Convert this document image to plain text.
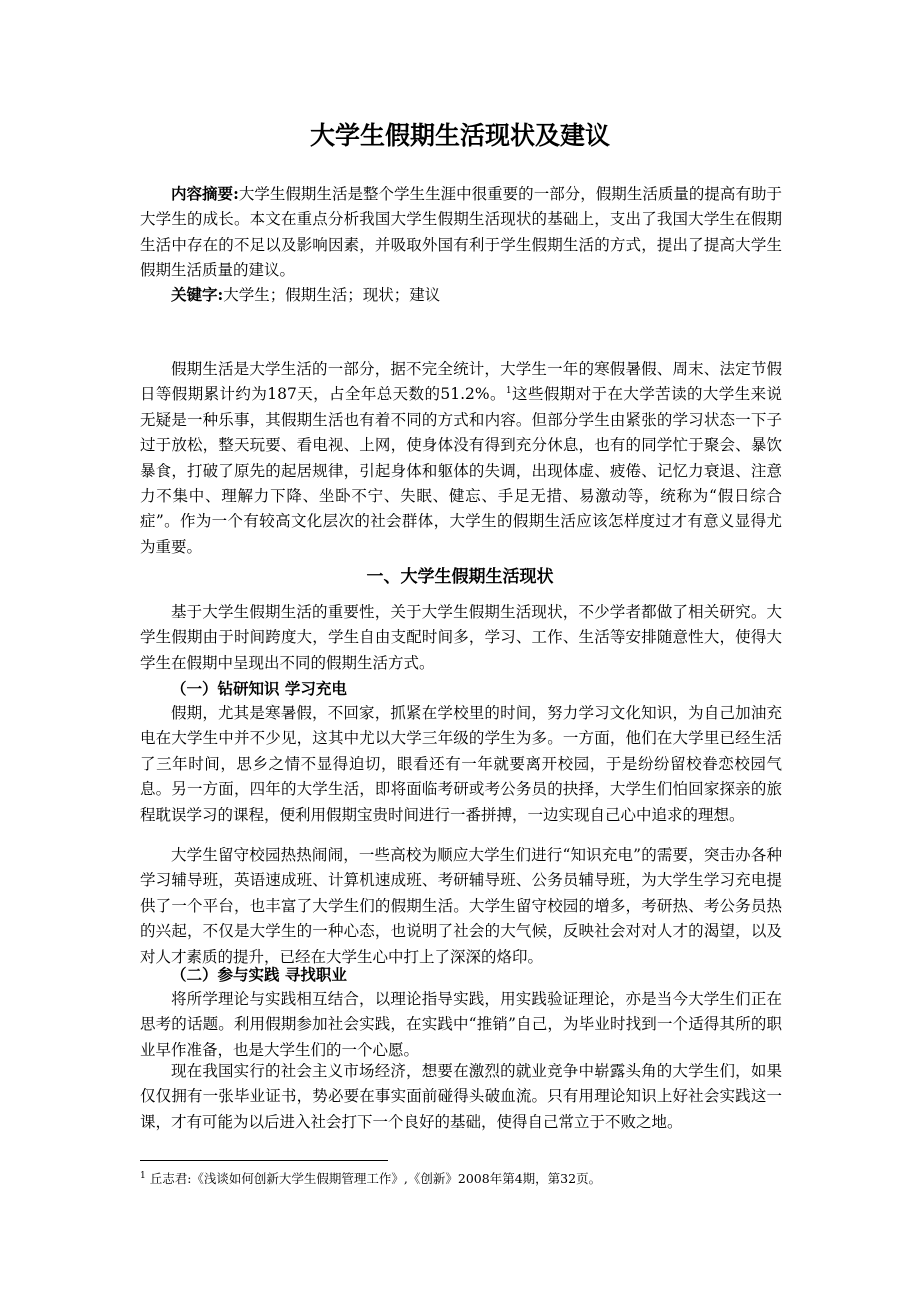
大学生假期生活现状及建议
内容摘要:大学生假期生活是整个学生生涯中很重要的一部分，假期生活质量的提高有助于大学生的成长。本文在重点分析我国大学生假期生活现状的基础上，支出了我国大学生在假期生活中存在的不足以及影响因素，并吸取外国有利于学生假期生活的方式，提出了提高大学生假期生活质量的建议。
关键字:大学生；假期生活；现状；建议
假期生活是大学生活的一部分，据不完全统计，大学生一年的寒假暑假、周末、法定节假日等假期累计约为187天，占全年总天数的51.2%。$^1$这些假期对于在大学苦读的大学生来说无疑是一种乐事，其假期生活也有着不同的方式和内容。但部分学生由紧张的学习状态一下子过于放松，整天玩要、看电视、上网，使身体没有得到充分休息，也有的同学忙于聚会、暴饮暴食，打破了原先的起居规律，引起身体和躯体的失调，出现体虚、疲倦、记忆力衰退、注意力不集中、理解力下降、坐卧不宁、失眠、健忘、手足无措、易激动等，统称为“假日综合症”。作为一个有较高文化层次的社会群体，大学生的假期生活应该怎样度过才有意义显得尤为重要。
一、大学生假期生活现状
基于大学生假期生活的重要性，关于大学生假期生活现状，不少学者都做了相关研究。大学生假期由于时间跨度大，学生自由支配时间多，学习、工作、生活等安排随意性大，使得大学生在假期中呈现出不同的假期生活方式。
（一）钻研知识 学习充电
假期，尤其是寒暑假，不回家，抓紧在学校里的时间，努力学习文化知识，为自己加油充电在大学生中并不少见，这其中尤以大学三年级的学生为多。一方面，他们在大学里已经生活了三年时间，思乡之情不显得迫切，眼看还有一年就要离开校园，于是纷纷留校眷恋校园气息。另一方面，四年的大学生活，即将面临考研或考公务员的抉择，大学生们怕回家探亲的旅程耽误学习的课程，便利用假期宝贵时间进行一番拼搏，一边实现自己心中追求的理想。
大学生留守校园热热闹闹，一些高校为顺应大学生们进行“知识充电”的需要，突击办各种学习辅导班，英语速成班、计算机速成班、考研辅导班、公务员辅导班，为大学生学习充电提供了一个平台，也丰富了大学生们的假期生活。大学生留守校园的增多，考研热、考公务员热的兴起，不仅是大学生的一种心态，也说明了社会的大气候，反映社会对对人才的渴望，以及对人才素质的提升，已经在大学生心中打上了深深的烙印。
（二）参与实践 寻找职业
将所学理论与实践相互结合，以理论指导实践，用实践验证理论，亦是当今大学生们正在思考的话题。利用假期参加社会实践，在实践中“推销”自己，为毕业时找到一个适得其所的职业早作准备，也是大学生们的一个心愿。
现在我国实行的社会主义市场经济，想要在激烈的就业竞争中崭露头角的大学生们，如果仅仅拥有一张毕业证书，势必要在事实面前碰得头破血流。只有用理论知识上好社会实践这一课，才有可能为以后进入社会打下一个良好的基础，使得自己常立于不败之地。
$^1$ 丘志君:《浅谈如何创新大学生假期管理工作》,《创新》2008年第4期，第32页。
